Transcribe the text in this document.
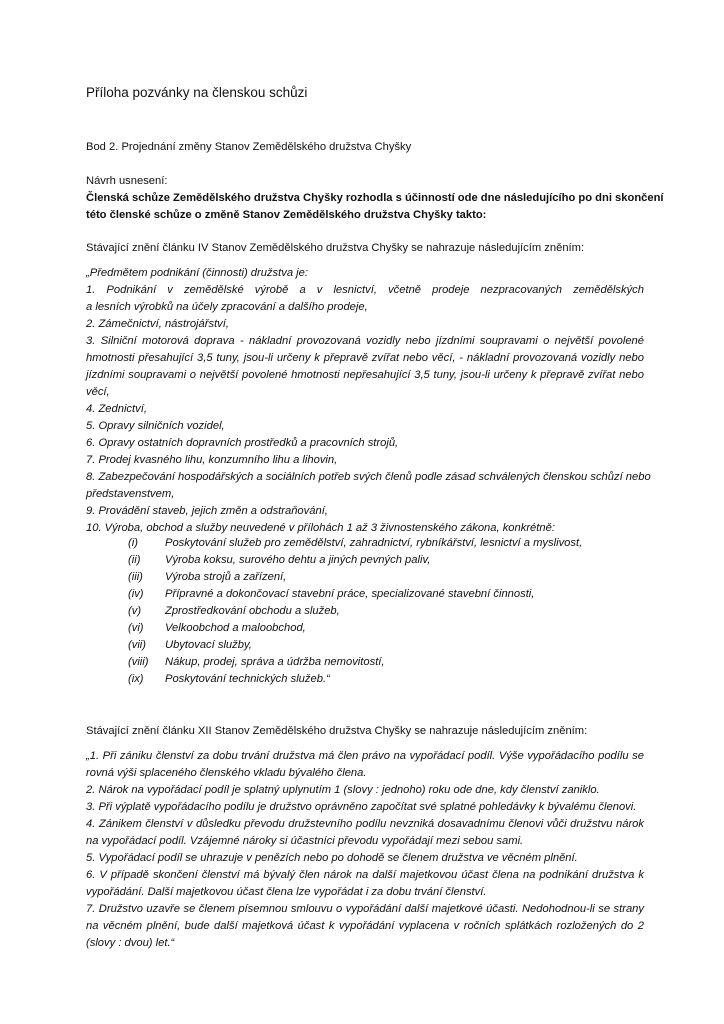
Příloha pozvánky na členskou schůzi
Bod 2. Projednání změny Stanov Zemědělského družstva Chyšky
Návrh usnesení:
Členská schůze Zemědělského družstva Chyšky rozhodla s účinností ode dne následujícího po dni skončení
této členské schůze o změně Stanov Zemědělského družstva Chyšky takto:
Stávající znění článku IV Stanov Zemědělského družstva Chyšky se nahrazuje následujícím zněním:
„Předmětem podnikání (činnosti) družstva je:
1. Podnikání v zemědělské výrobě a v lesnictví, včetně prodeje nezpracovaných zemědělských
a lesních výrobků na účely zpracování a dalšího prodeje,
2. Zámečnictví, nástrojářství,
3. Silniční motorová doprava - nákladní provozovaná vozidly nebo jízdními soupravami o největší povolené
hmotnosti přesahující 3,5 tuny, jsou-li určeny k přepravě zvířat nebo věcí, - nákladní provozovaná vozidly nebo
jízdními soupravami o největší povolené hmotnosti nepřesahující 3,5 tuny, jsou-li určeny k přepravě zvířat nebo
věcí,
4. Zednictví,
5. Opravy silničních vozidel,
6. Opravy ostatních dopravních prostředků a pracovních strojů,
7. Prodej kvasného lihu, konzumního lihu a lihovin,
8. Zabezpečování hospodářských a sociálních potřeb svých členů podle zásad schválených členskou schůzí nebo
představenstvem,
9. Provádění staveb, jejich změn a odstraňování,
10. Výroba, obchod a služby neuvedené v přílohách 1 až 3 živnostenského zákona, konkrétně:
(i) Poskytování služeb pro zemědělství, zahradnictví, rybníkářství, lesnictví a myslivost,
(ii) Výroba koksu, surového dehtu a jiných pevných paliv,
(iii) Výroba strojů a zařízení,
(iv) Přípravné a dokončovací stavební práce, specializované stavební činnosti,
(v) Zprostředkování obchodu a služeb,
(vi) Velkoobchod a maloobchod,
(vii) Ubytovací služby,
(viii) Nákup, prodej, správa a údržba nemovitostí,
(ix) Poskytování technických služeb.“
Stávající znění článku XII Stanov Zemědělského družstva Chyšky se nahrazuje následujícím zněním:
„1. Při zániku členství za dobu trvání družstva má člen právo na vypořádací podíl. Výše vypořádacího podílu se
rovná výši splaceného členského vkladu bývalého člena.
2. Nárok na vypořádací podíl je splatný uplynutím 1 (slovy : jednoho) roku ode dne, kdy členství zaniklo.
3. Při výplatě vypořádacího podílu je družstvo oprávněno započítat své splatné pohledávky k bývalému členovi.
4. Zánikem členství v důsledku převodu družstevního podílu nevzniká dosavadnímu členovi vůči družstvu nárok
na vypořádací podíl. Vzájemné nároky si účastníci převodu vypořádají mezi sebou sami.
5. Vypořádací podíl se uhrazuje v penězích nebo po dohodě se členem družstva ve věcném plnění.
6. V případě skončení členství má bývalý člen nárok na další majetkovou účast člena na podnikání družstva k
vypořádání. Další majetkovou účast člena lze vypořádat i za dobu trvání členství.
7. Družstvo uzavře se členem písemnou smlouvu o vypořádání další majetkové účasti. Nedohodnou-li se strany
na věcném plnění, bude další majetková účast k vypořádání vyplacena v ročních splátkách rozložených do 2
(slovy : dvou) let.“
